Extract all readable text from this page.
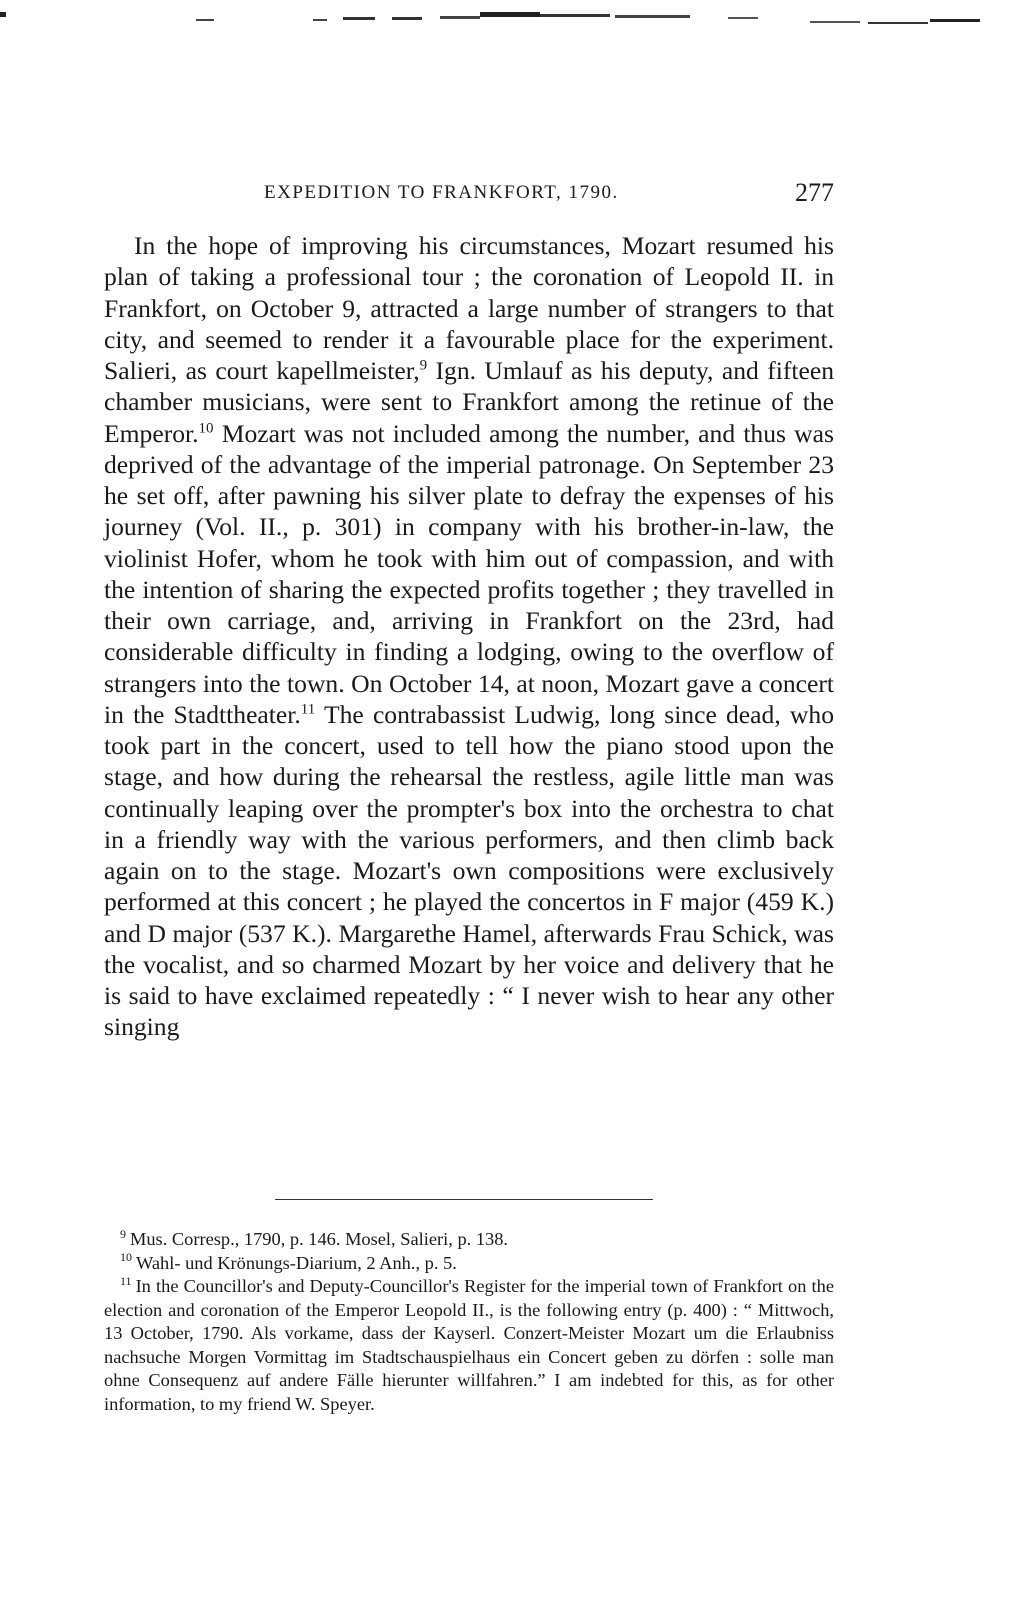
EXPEDITION TO FRANKFORT, 1790.	277

In the hope of improving his circumstances, Mozart resumed his plan of taking a professional tour ; the coronation of Leopold II. in Frankfort, on October 9, attracted a large number of strangers to that city, and seemed to render it a favourable place for the experiment. Salieri, as court kapellmeister,$^9$ Ign. Umlauf as his deputy, and fifteen chamber musicians, were sent to Frankfort among the retinue of the Emperor.$^{10}$ Mozart was not included among the number, and thus was deprived of the advantage of the imperial patronage. On September 23 he set off, after pawning his silver plate to defray the expenses of his journey (Vol. II., p. 301) in company with his brother-in-law, the violinist Hofer, whom he took with him out of compassion, and with the intention of sharing the expected profits together ; they travelled in their own carriage, and, arriving in Frankfort on the 23rd, had considerable difficulty in finding a lodging, owing to the overflow of strangers into the town. On October 14, at noon, Mozart gave a concert in the Stadttheater.$^{11}$ The contrabassist Ludwig, long since dead, who took part in the concert, used to tell how the piano stood upon the stage, and how during the rehearsal the restless, agile little man was continually leaping over the prompter's box into the orchestra to chat in a friendly way with the various performers, and then climb back again on to the stage. Mozart's own compositions were exclusively performed at this concert ; he played the concertos in F major (459 K.) and D major (537 K.). Margarethe Hamel, afterwards Frau Schick, was the vocalist, and so charmed Mozart by her voice and delivery that he is said to have exclaimed repeatedly : “ I never wish to hear any other singing

$^9$ Mus. Corresp., 1790, p. 146. Mosel, Salieri, p. 138.

$^{10}$ Wahl- und Krönungs-Diarium, 2 Anh., p. 5.

$^{11}$ In the Councillor's and Deputy-Councillor's Register for the imperial town of Frankfort on the election and coronation of the Emperor Leopold II., is the following entry (p. 400) : “ Mittwoch, 13 October, 1790. Als vorkame, dass der Kayserl. Conzert-Meister Mozart um die Erlaubniss nachsuche Morgen Vormittag im Stadtschauspielhaus ein Concert geben zu dörfen : solle man ohne Consequenz auf andere Fälle hierunter willfahren.” I am indebted for this, as for other information, to my friend W. Speyer.
